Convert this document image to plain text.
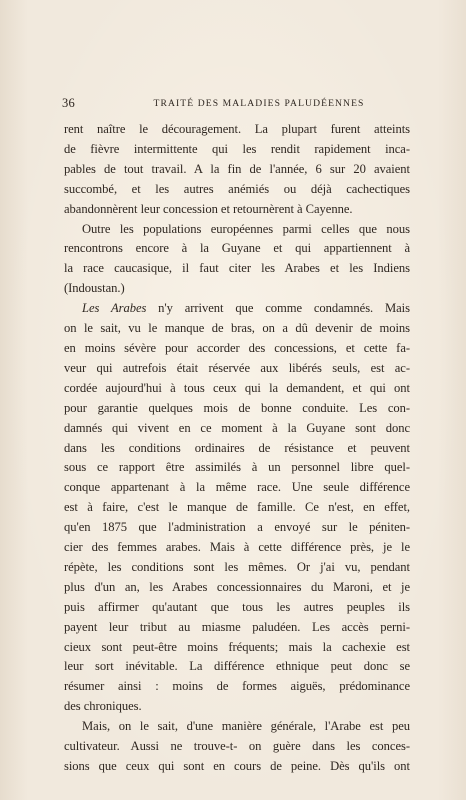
36	TRAITÉ DES MALADIES PALUDÉENNES

rent naître le découragement. La plupart furent atteints
de fièvre intermittente qui les rendit rapidement inca-
pables de tout travail. A la fin de l'année, 6 sur 20 avaient
succombé, et les autres anémiés ou déjà cachectiques
abandonnèrent leur concession et retournèrent à Cayenne.

Outre les populations européennes parmi celles que nous
rencontrons encore à la Guyane et qui appartiennent à
la race caucasique, il faut citer les Arabes et les Indiens
(Indoustan.)

Les Arabes n'y arrivent que comme condamnés. Mais
on le sait, vu le manque de bras, on a dû devenir de moins
en moins sévère pour accorder des concessions, et cette fa-
veur qui autrefois était réservée aux libérés seuls, est ac-
cordée aujourd'hui à tous ceux qui la demandent, et qui ont
pour garantie quelques mois de bonne conduite. Les con-
damnés qui vivent en ce moment à la Guyane sont donc
dans les conditions ordinaires de résistance et peuvent
sous ce rapport être assimilés à un personnel libre quel-
conque appartenant à la même race. Une seule différence
est à faire, c'est le manque de famille. Ce n'est, en effet,
qu'en 1875 que l'administration a envoyé sur le péniten-
cier des femmes arabes. Mais à cette différence près, je le
répète, les conditions sont les mêmes. Or j'ai vu, pendant
plus d'un an, les Arabes concessionnaires du Maroni, et je
puis affirmer qu'autant que tous les autres peuples ils
payent leur tribut au miasme paludéen. Les accès perni-
cieux sont peut-être moins fréquents; mais la cachexie est
leur sort inévitable. La différence ethnique peut donc se
résumer ainsi : moins de formes aiguës, prédominance
des chroniques.

Mais, on le sait, d'une manière générale, l'Arabe est peu
cultivateur. Aussi ne trouve-t- on guère dans les conces-
sions que ceux qui sont en cours de peine. Dès qu'ils ont
